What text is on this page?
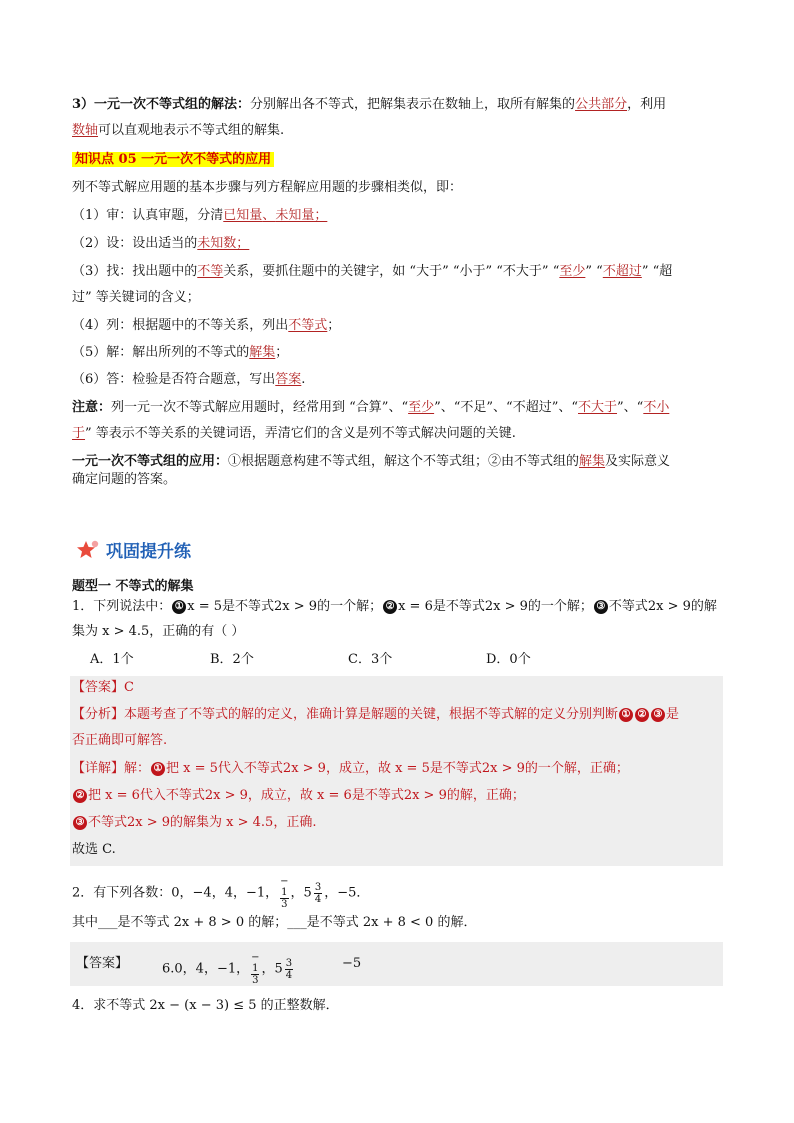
3）一元一次不等式组的解法：分别解出各不等式，把解集表示在数轴上，取所有解集的公共部分，利用
数轴可以直观地表示不等式组的解集.
知识点 05 一元一次不等式的应用
列不等式解应用题的基本步骤与列方程解应用题的步骤相类似，即：
（1）审：认真审题，分清已知量、未知量；
（2）设：设出适当的未知数；
（3）找：找出题中的不等关系，要抓住题中的关键字，如 “大于” “小于” “不大于” “至少” “不超过” “超
过” 等关键词的含义；
（4）列：根据题中的不等关系，列出不等式；
（5）解：解出所列的不等式的解集；
（6）答：检验是否符合题意，写出答案.
注意：列一元一次不等式解应用题时，经常用到 “合算”、“至少”、“不足”、“不超过”、“不大于”、“不小
于” 等表示不等关系的关键词语，弄清它们的含义是列不等式解决问题的关键.
一元一次不等式组的应用：①根据题意构建不等式组，解这个不等式组；②由不等式组的解集及实际意义
确定问题的答案。
巩固提升练
题型一 不等式的解集
1．下列说法中： ① x = 5是不等式2x > 9的一个解； ② x = 6是不等式2x > 9的一个解； ③ 不等式2x > 9的解
集为 x > 4.5，正确的有（ ）
A．1个	B．2个	C．3个	D．0个
【答案】C
【分析】本题考查了不等式的解的定义，准确计算是解题的关键，根据不等式解的定义分别判断 ① ② ③ 是
否正确即可解答.
【详解】解： ① 把 x = 5代入不等式2x > 9，成立，故 x = 5是不等式2x > 9的一个解，正确；
② 把 x = 6代入不等式2x > 9，成立，故 x = 6是不等式2x > 9的解，正确；
③ 不等式2x > 9的解集为 x > 4.5，正确.
故选 C.
2．有下列各数：0，−4，4，−1，−
$\frac{1}{3}$ ，$5 \frac{3}{4}$ ，−5．
其中___是不等式 2x + 8 > 0 的解；___是不等式 2x + 8 < 0 的解．
【答案】	6.0，4，−1，−
$\frac{1}{3}$ ，$5 \frac{3}{4}$	−5
4．求不等式 2x − (x − 3) ≤ 5 的正整数解．
